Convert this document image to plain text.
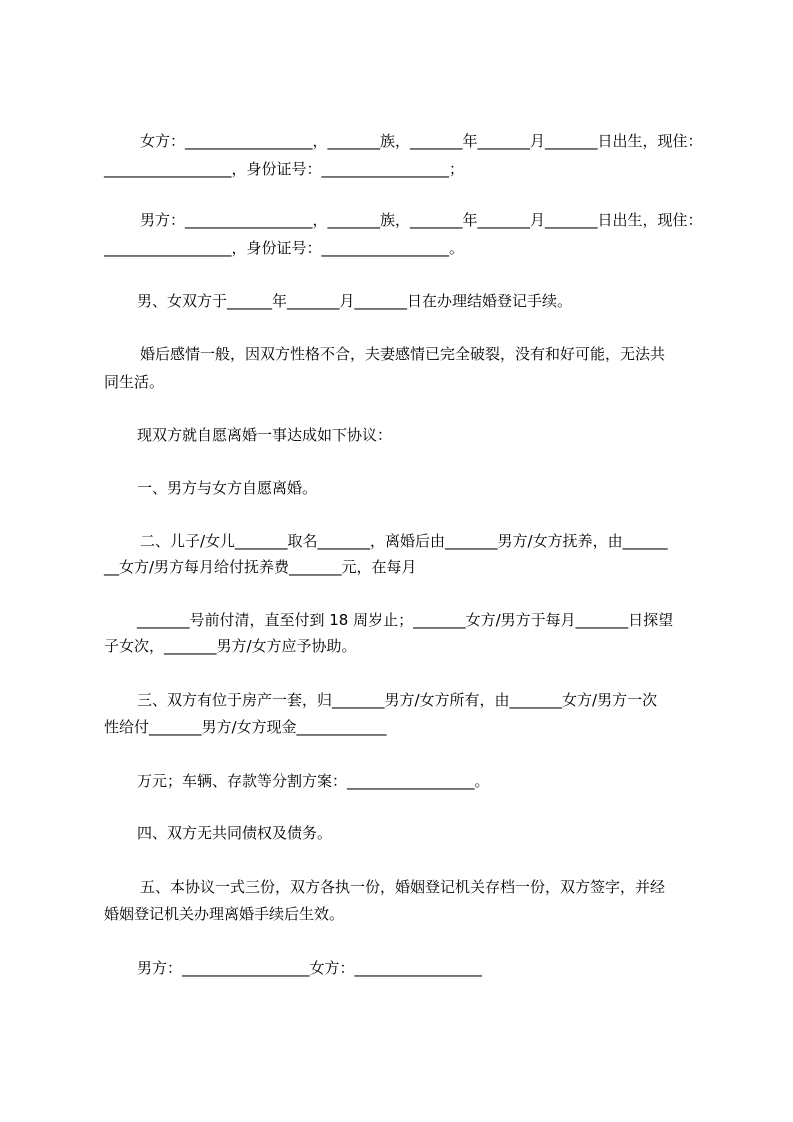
女方：_________________，_______族，_______年_______月_______日出生，现住：
_________________，身份证号：_________________；
男方：_________________，_______族，_______年_______月_______日出生，现住：
_________________，身份证号：_________________。
男、女双方于______年_______月_______日在办理结婚登记手续。
婚后感情一般，因双方性格不合，夫妻感情已完全破裂，没有和好可能，无法共
同生活。
现双方就自愿离婚一事达成如下协议：
一、男方与女方自愿离婚。
二、儿子/女儿_______取名_______，离婚后由_______男方/女方抚养，由______
__女方/男方每月给付抚养费_______元，在每月
_______号前付清，直至付到 18 周岁止；_______女方/男方于每月_______日探望
子女次，_______男方/女方应予协助。
三、双方有位于房产一套，归_______男方/女方所有，由_______女方/男方一次
性给付_______男方/女方现金____________
万元；车辆、存款等分割方案：_________________。
四、双方无共同债权及债务。
五、本协议一式三份，双方各执一份，婚姻登记机关存档一份，双方签字，并经
婚姻登记机关办理离婚手续后生效。
男方：_________________女方：_________________
